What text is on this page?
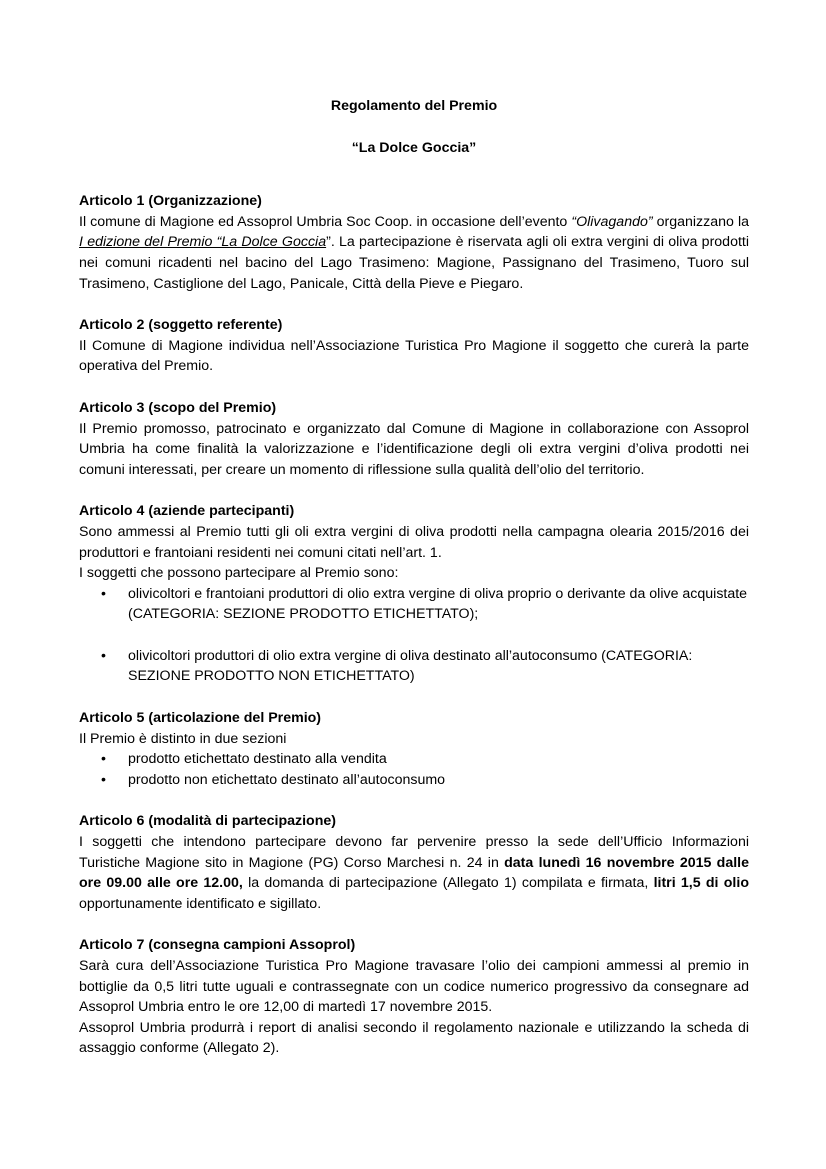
Regolamento del Premio

“La Dolce Goccia”

Articolo 1 (Organizzazione)

Il comune di Magione ed Assoprol Umbria Soc Coop. in occasione dell’evento “Olivagando” organizzano la I edizione del Premio “La Dolce Goccia”. La partecipazione è riservata agli oli extra vergini di oliva prodotti nei comuni ricadenti nel bacino del Lago Trasimeno: Magione, Passignano del Trasimeno, Tuoro sul Trasimeno, Castiglione del Lago, Panicale, Città della Pieve e Piegaro.

Articolo 2 (soggetto referente)

Il Comune di Magione individua nell’Associazione Turistica Pro Magione il soggetto che curerà la parte operativa del Premio.

Articolo 3 (scopo del Premio)

Il Premio promosso, patrocinato e organizzato dal Comune di Magione in collaborazione con Assoprol Umbria ha come finalità la valorizzazione e l’identificazione degli oli extra vergini d’oliva prodotti nei comuni interessati, per creare un momento di riflessione sulla qualità dell’olio del territorio.

Articolo 4 (aziende partecipanti)

Sono ammessi al Premio tutti gli oli extra vergini di oliva prodotti nella campagna olearia 2015/2016 dei produttori e frantoiani residenti nei comuni citati nell’art. 1.

I soggetti che possono partecipare al Premio sono:

• olivicoltori e frantoiani produttori di olio extra vergine di oliva proprio o derivante da olive acquistate (CATEGORIA: SEZIONE PRODOTTO ETICHETTATO);
• olivicoltori produttori di olio extra vergine di oliva destinato all’autoconsumo (CATEGORIA: SEZIONE PRODOTTO NON ETICHETTATO)

Articolo 5 (articolazione del Premio)

Il Premio è distinto in due sezioni

• prodotto etichettato destinato alla vendita
• prodotto non etichettato destinato all’autoconsumo

Articolo 6 (modalità di partecipazione)

I soggetti che intendono partecipare devono far pervenire presso la sede dell’Ufficio Informazioni Turistiche Magione sito in Magione (PG) Corso Marchesi n. 24 in data lunedì 16 novembre 2015 dalle ore 09.00 alle ore 12.00, la domanda di partecipazione (Allegato 1) compilata e firmata, litri 1,5 di olio opportunamente identificato e sigillato.

Articolo 7 (consegna campioni Assoprol)

Sarà cura dell’Associazione Turistica Pro Magione travasare l’olio dei campioni ammessi al premio in bottiglie da 0,5 litri tutte uguali e contrassegnate con un codice numerico progressivo da consegnare ad Assoprol Umbria entro le ore 12,00 di martedì 17 novembre 2015.

Assoprol Umbria produrrà i report di analisi secondo il regolamento nazionale e utilizzando la scheda di assaggio conforme (Allegato 2).
